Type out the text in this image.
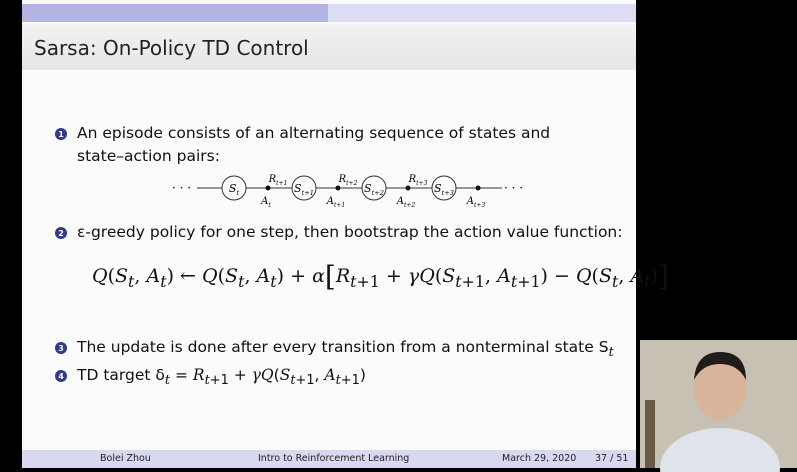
Sarsa: On-Policy TD Control
1 An episode consists of an alternating sequence of states and
state–action pairs:
· · ·	· · ·
$S_t$	$S_{t+1}$	$S_{t+2}$	$S_{t+3}$
$A_t$	$A_{t+1}$	$A_{t+2}$	$A_{t+3}$
$R_{t+1}$	$R_{t+2}$	$R_{t+3}$
2 ε-greedy policy for one step, then bootstrap the action value function:
$Q(S_t$, $A_t$) ← $Q(S_t$, $A_t) + \alpha[R_{t+1} + \gamma Q(S_{t+1}$, $A_{t+1}) - Q(S_t$, $A_t$)]
3 The update is done after every transition from a nonterminal state $S_t$
4 TD target $\delta_t = R_{t+1} + \gamma Q(S_{t+1}$, $A_{t+1}$)
Bolei Zhou	Intro to Reinforcement Learning	March 29, 2020 37 / 51
